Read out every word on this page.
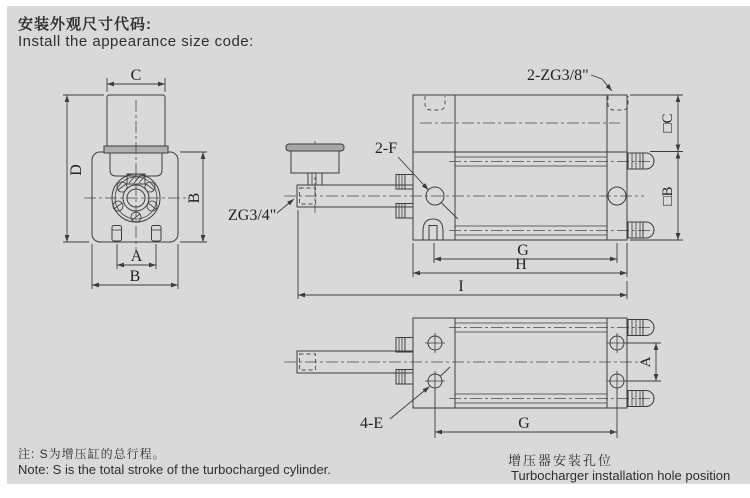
安装外观尺寸代码:
Install the appearance size code:
C
D
B
A
B
2-F
ZG3/4"
2-ZG3/8"
□C
□B
G
H
I
4-E
A
G
注: S为增压缸的总行程。
Note: S is the total stroke of the turbocharged cylinder.
增压器安装孔位
Turbocharger installation hole position
